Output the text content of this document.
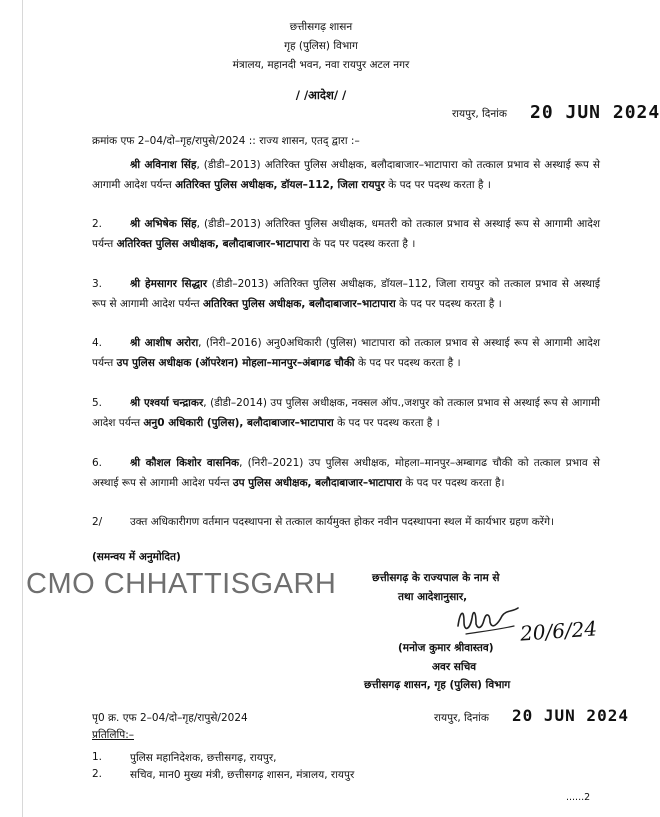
छत्तीसगढ़ शासन
गृह (पुलिस) विभाग
मंत्रालय, महानदी भवन, नवा रायपुर अटल नगर
/ /आदेश/ /
रायपुर, दिनांक 20 JUN 2024
क्रमांक एफ 2–04/दो–गृह/रापुसे/2024 :: राज्य शासन, एतद् द्वारा :–
श्री अविनाश सिंह, (डीडी–2013) अतिरिक्त पुलिस अधीक्षक, बलौदाबाजार–भाटापारा को तत्काल प्रभाव से अस्थाई रूप से आगामी आदेश पर्यन्त अतिरिक्त पुलिस अधीक्षक, डॉयल–112, जिला रायपुर के पद पर पदस्थ करता है ।
2.	श्री अभिषेक सिंह, (डीडी–2013) अतिरिक्त पुलिस अधीक्षक, धमतरी को तत्काल प्रभाव से अस्थाई रूप से आगामी आदेश पर्यन्त अतिरिक्त पुलिस अधीक्षक, बलौदाबाजार–भाटापारा के पद पर पदस्थ करता है ।
3.	श्री हेमसागर सिद्धार (डीडी–2013) अतिरिक्त पुलिस अधीक्षक, डॉयल–112, जिला रायपुर को तत्काल प्रभाव से अस्थाई रूप से आगामी आदेश पर्यन्त अतिरिक्त पुलिस अधीक्षक, बलौदाबाजार–भाटापारा के पद पर पदस्थ करता है ।
4.	श्री आशीष अरोरा, (निरी–2016) अनु0अधिकारी (पुलिस) भाटापारा को तत्काल प्रभाव से अस्थाई रूप से आगामी आदेश पर्यन्त उप पुलिस अधीक्षक (ऑपरेशन) मोहला–मानपुर–अंबागढ चौकी के पद पर पदस्थ करता है ।
5.	श्री एश्वर्या चन्द्राकर, (डीडी–2014) उप पुलिस अधीक्षक, नक्सल ऑप.,जशपुर को तत्काल प्रभाव से अस्थाई रूप से आगामी आदेश पर्यन्त अनु0 अधिकारी (पुलिस), बलौदाबाजार–भाटापारा के पद पर पदस्थ करता है ।
6.	श्री कौशल किशोर वासनिक, (निरी–2021) उप पुलिस अधीक्षक, मोहला–मानपुर–अम्बागढ चौकी को तत्काल प्रभाव से अस्थाई रूप से आगामी आदेश पर्यन्त उप पुलिस अधीक्षक, बलौदाबाजार–भाटापारा के पद पर पदस्थ करता है।
2/	उक्त अधिकारीगण वर्तमान पदस्थापना से तत्काल कार्यमुक्त होकर नवीन पदस्थापना स्थल में कार्यभार ग्रहण करेंगे।
(समन्वय में अनुमोदित)
CMO CHHATTISGARH	छत्तीसगढ़ के राज्यपाल के नाम से
तथा आदेशानुसार,
20/6/24
(मनोज कुमार श्रीवास्तव)
अवर सचिव
छत्तीसगढ़ शासन, गृह (पुलिस) विभाग
पृ0 क्र. एफ 2–04/दो–गृह/रापुसे/2024	रायपुर, दिनांक 20 JUN 2024
प्रतिलिपि:–
1.	पुलिस महानिदेशक, छत्तीसगढ़, रायपुर,
2.	सचिव, मान0 मुख्य मंत्री, छत्तीसगढ़ शासन, मंत्रालय, रायपुर
......2
